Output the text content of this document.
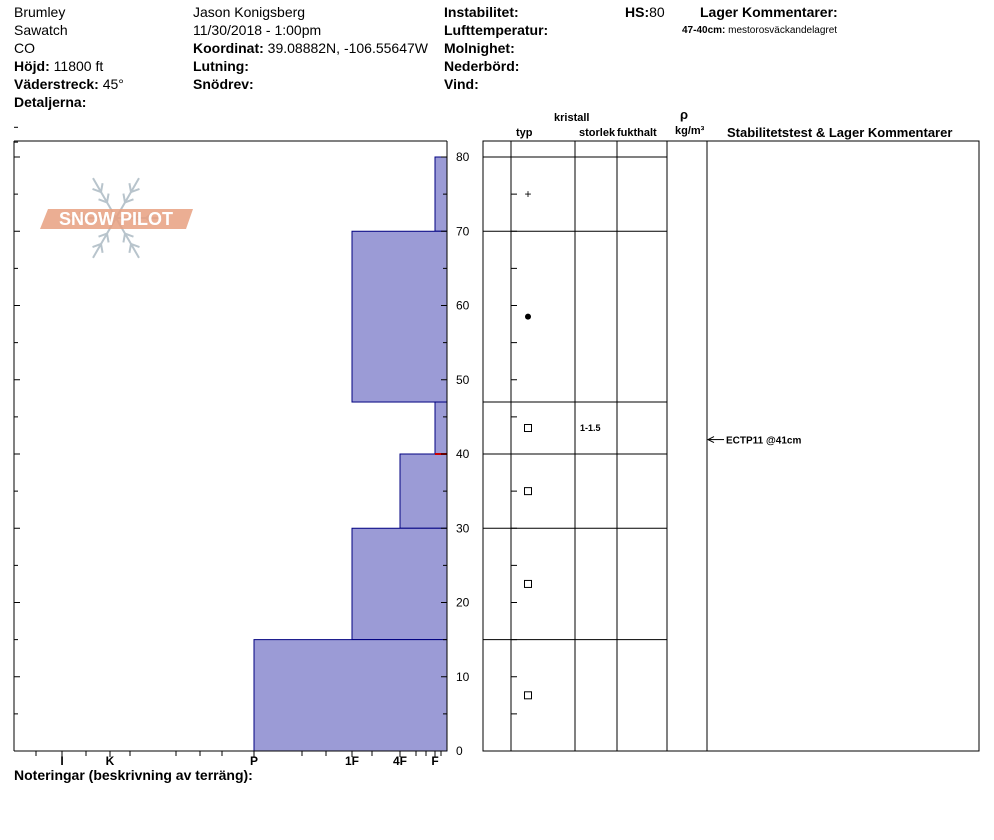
Brumley
Sawatch
CO
Höjd: 11800 ft
Väderstreck: 45°
Detaljerna:
Jason Konigsberg
11/30/2018 - 1:00pm
Koordinat: 39.08882N, -106.55647W
Lutning:
Snödrev:
Instabilitet:
Lufttemperatur:
Molnighet:
Nederbörd:
Vind:
HS:80	Lager Kommentarer:
47-40cm: mestorosväckandelagret
kristall
typ	storlek fukthalt
ρ
kg/m³ Stabilitetstest & Lager Kommentarer
SNOW PILOT
0
10
20
30
40
50
60
70
80
I	K	P	1F	4F F
+
1-1.5
ECTP11 @41cm
Noteringar (beskrivning av terräng):
